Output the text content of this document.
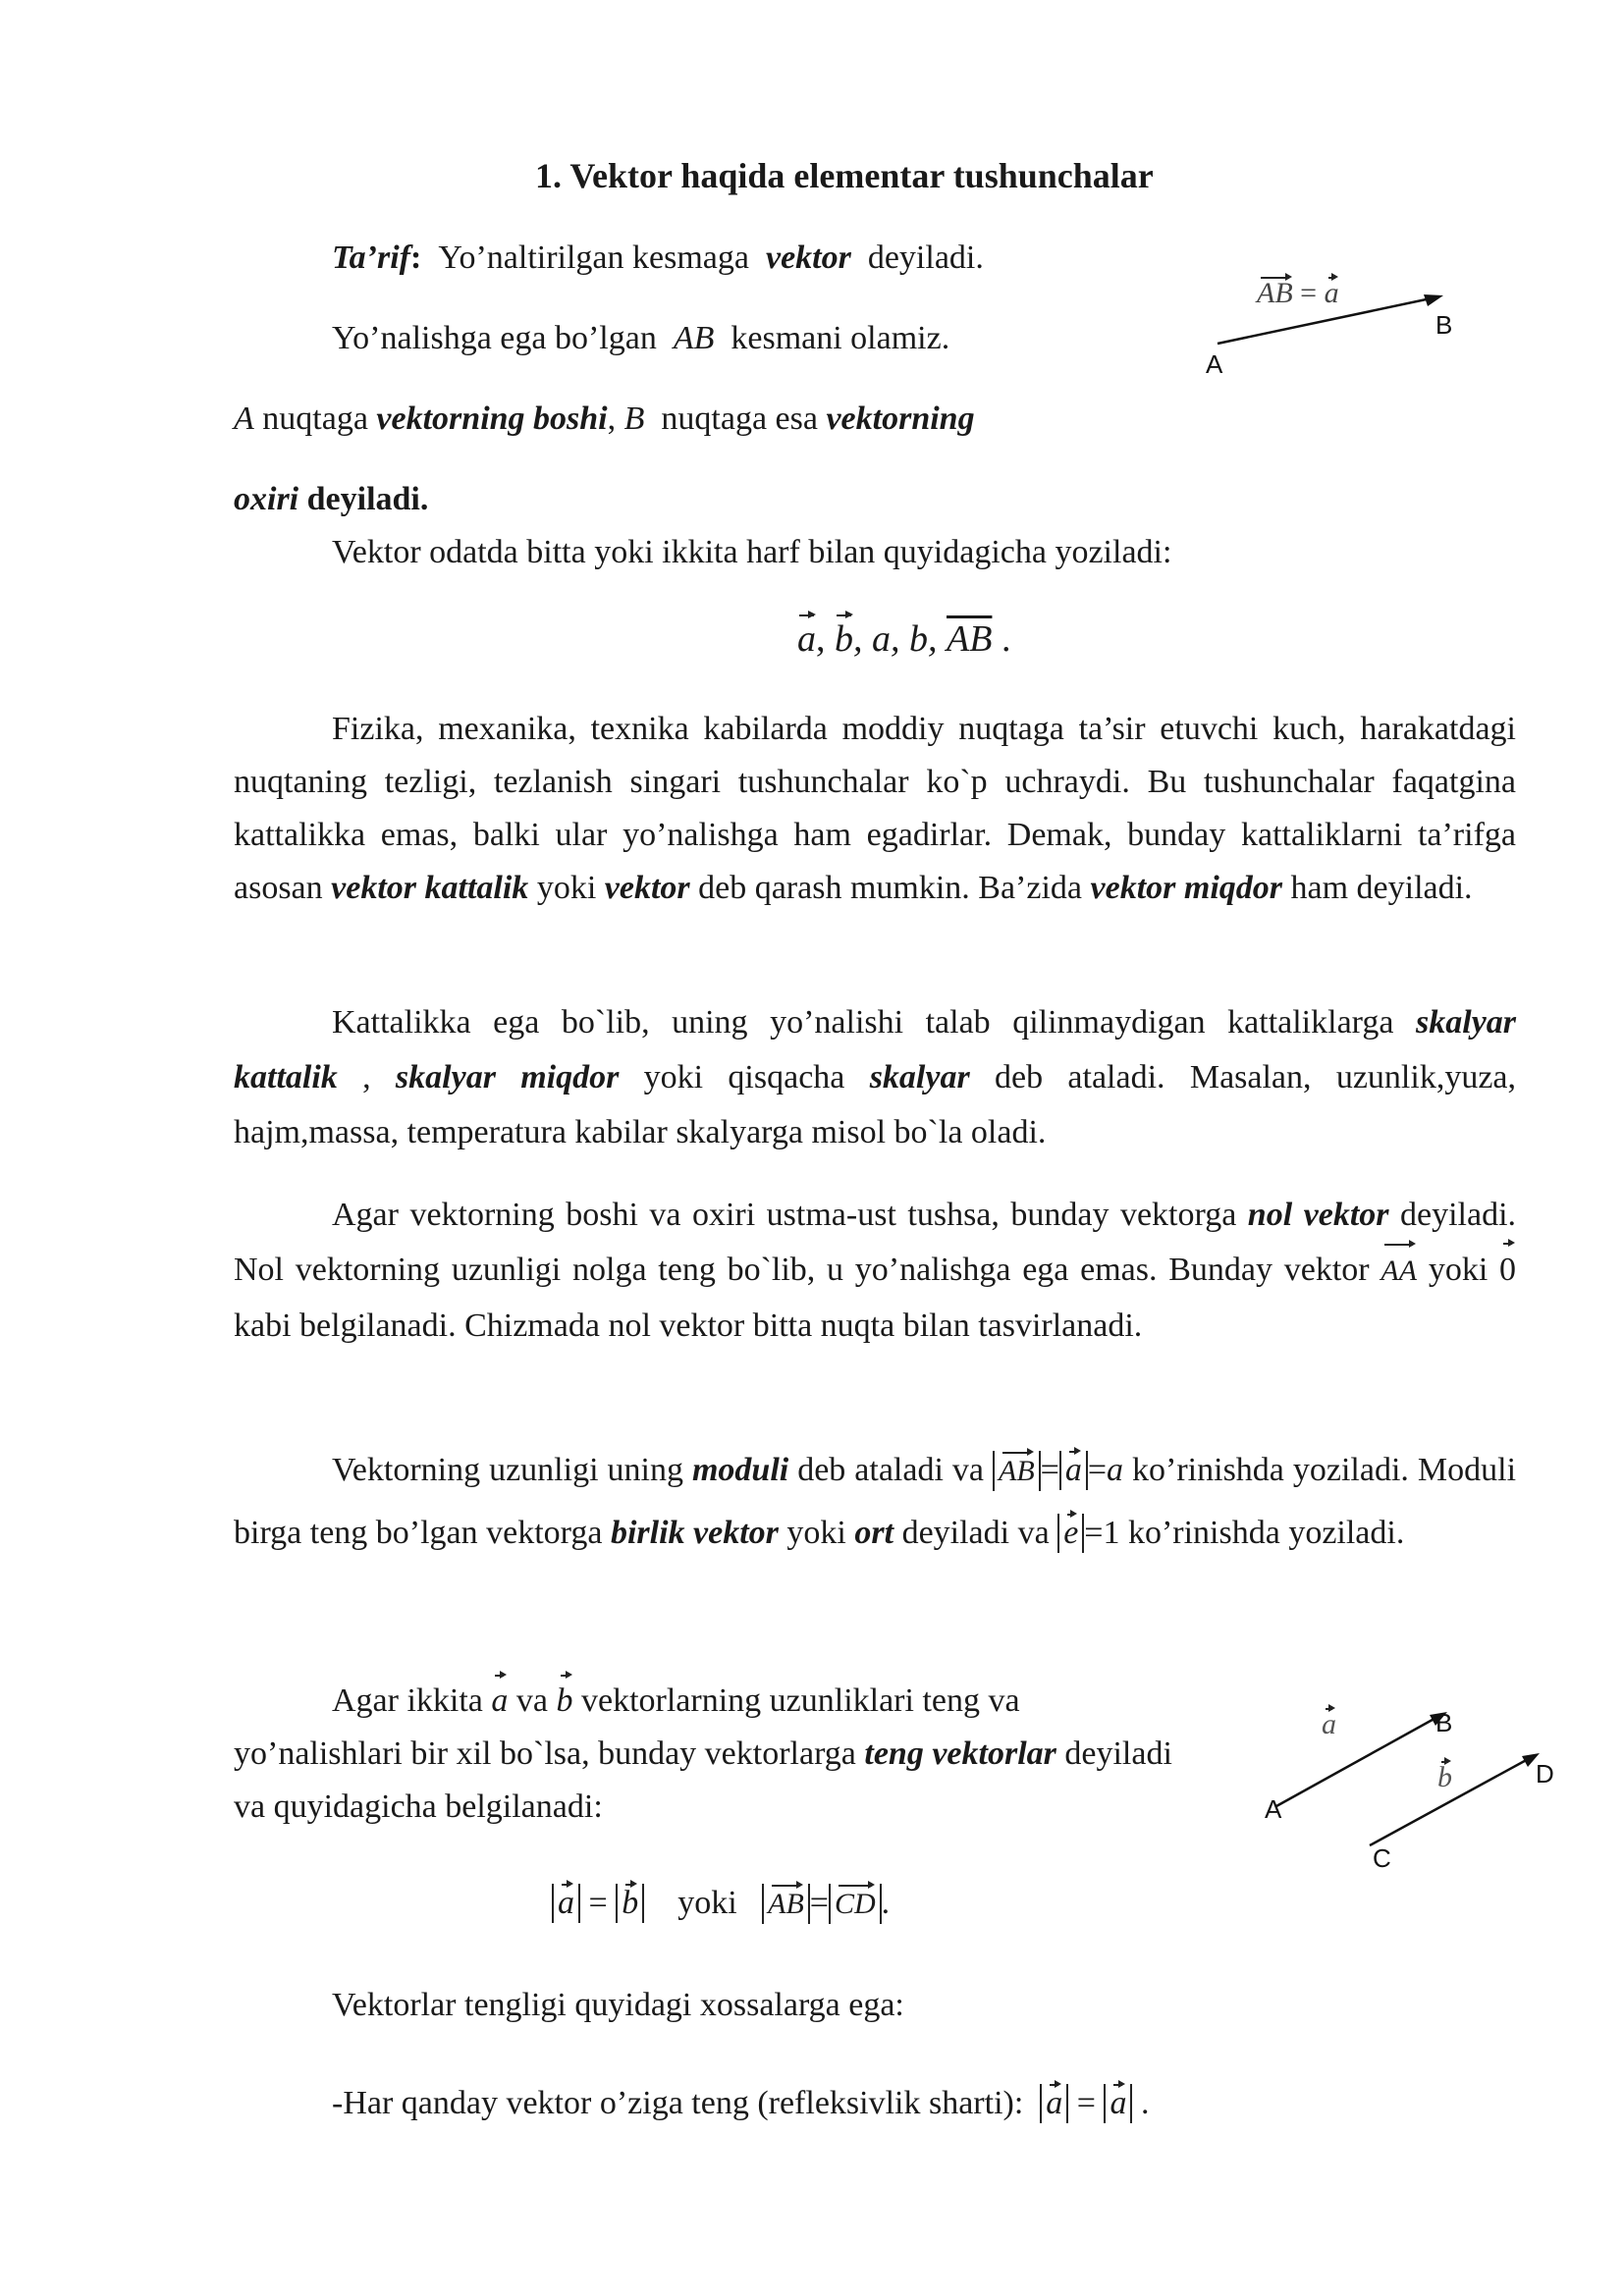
1. Vektor haqida elementar tushunchalar
Ta’rif: Yo’naltirilgan kesmaga vektor deyiladi.
Yo’nalishga ega bo’lgan AB kesmani olamiz.
A nuqtaga vektorning boshi, B nuqtaga esa vektorning
oxiri deyiladi.
Vektor odatda bitta yoki ikkita harf bilan quyidagicha yoziladi:
a, b, a, b, $\overline{AB}$ .

Fizika, mexanika, texnika kabilarda moddiy nuqtaga ta’sir etuvchi kuch, harakatdagi nuqtaning tezligi, tezlanish singari tushunchalar ko`p uchraydi. Bu tushunchalar faqatgina kattalikka emas, balki ular yo’nalishga ham egadirlar. Demak, bunday kattaliklarni ta’rifga asosan vektor kattalik yoki vektor deb qarash mumkin. Ba’zida vektor miqdor ham deyiladi.

Kattalikka ega bo`lib, uning yo’nalishi talab qilinmaydigan kattaliklarga skalyar kattalik , skalyar miqdor yoki qisqacha skalyar deb ataladi. Masalan, uzunlik,yuza, hajm,massa, temperatura kabilar skalyarga misol bo`la oladi.

Agar vektorning boshi va oxiri ustma-ust tushsa, bunday vektorga nol vektor deyiladi. Nol vektorning uzunligi nolga teng bo`lib, u yo’nalishga ega emas. Bunday vektor AA yoki 0 kabi belgilanadi. Chizmada nol vektor bitta nuqta bilan tasvirlanadi.

Vektorning uzunligi uning moduli deb ataladi va AB = a =a ko’rinishda yoziladi. Moduli birga teng bo’lgan vektorga birlik vektor yoki ort deyiladi va e =1 ko’rinishda yoziladi.

Agar ikkita a va b vektorlarning uzunliklari teng va yo’nalishlari bir xil bo`lsa, bunday vektorlarga teng vektorlar deyiladi va quyidagicha belgilanadi:

a = b yoki AB = CD .
Vektorlar tengligi quyidagi xossalarga ega:
-Har qanday vektor o’ziga teng (refleksivlik sharti): a = a .
AB = a
A
B
a
b
A
B
C
D
